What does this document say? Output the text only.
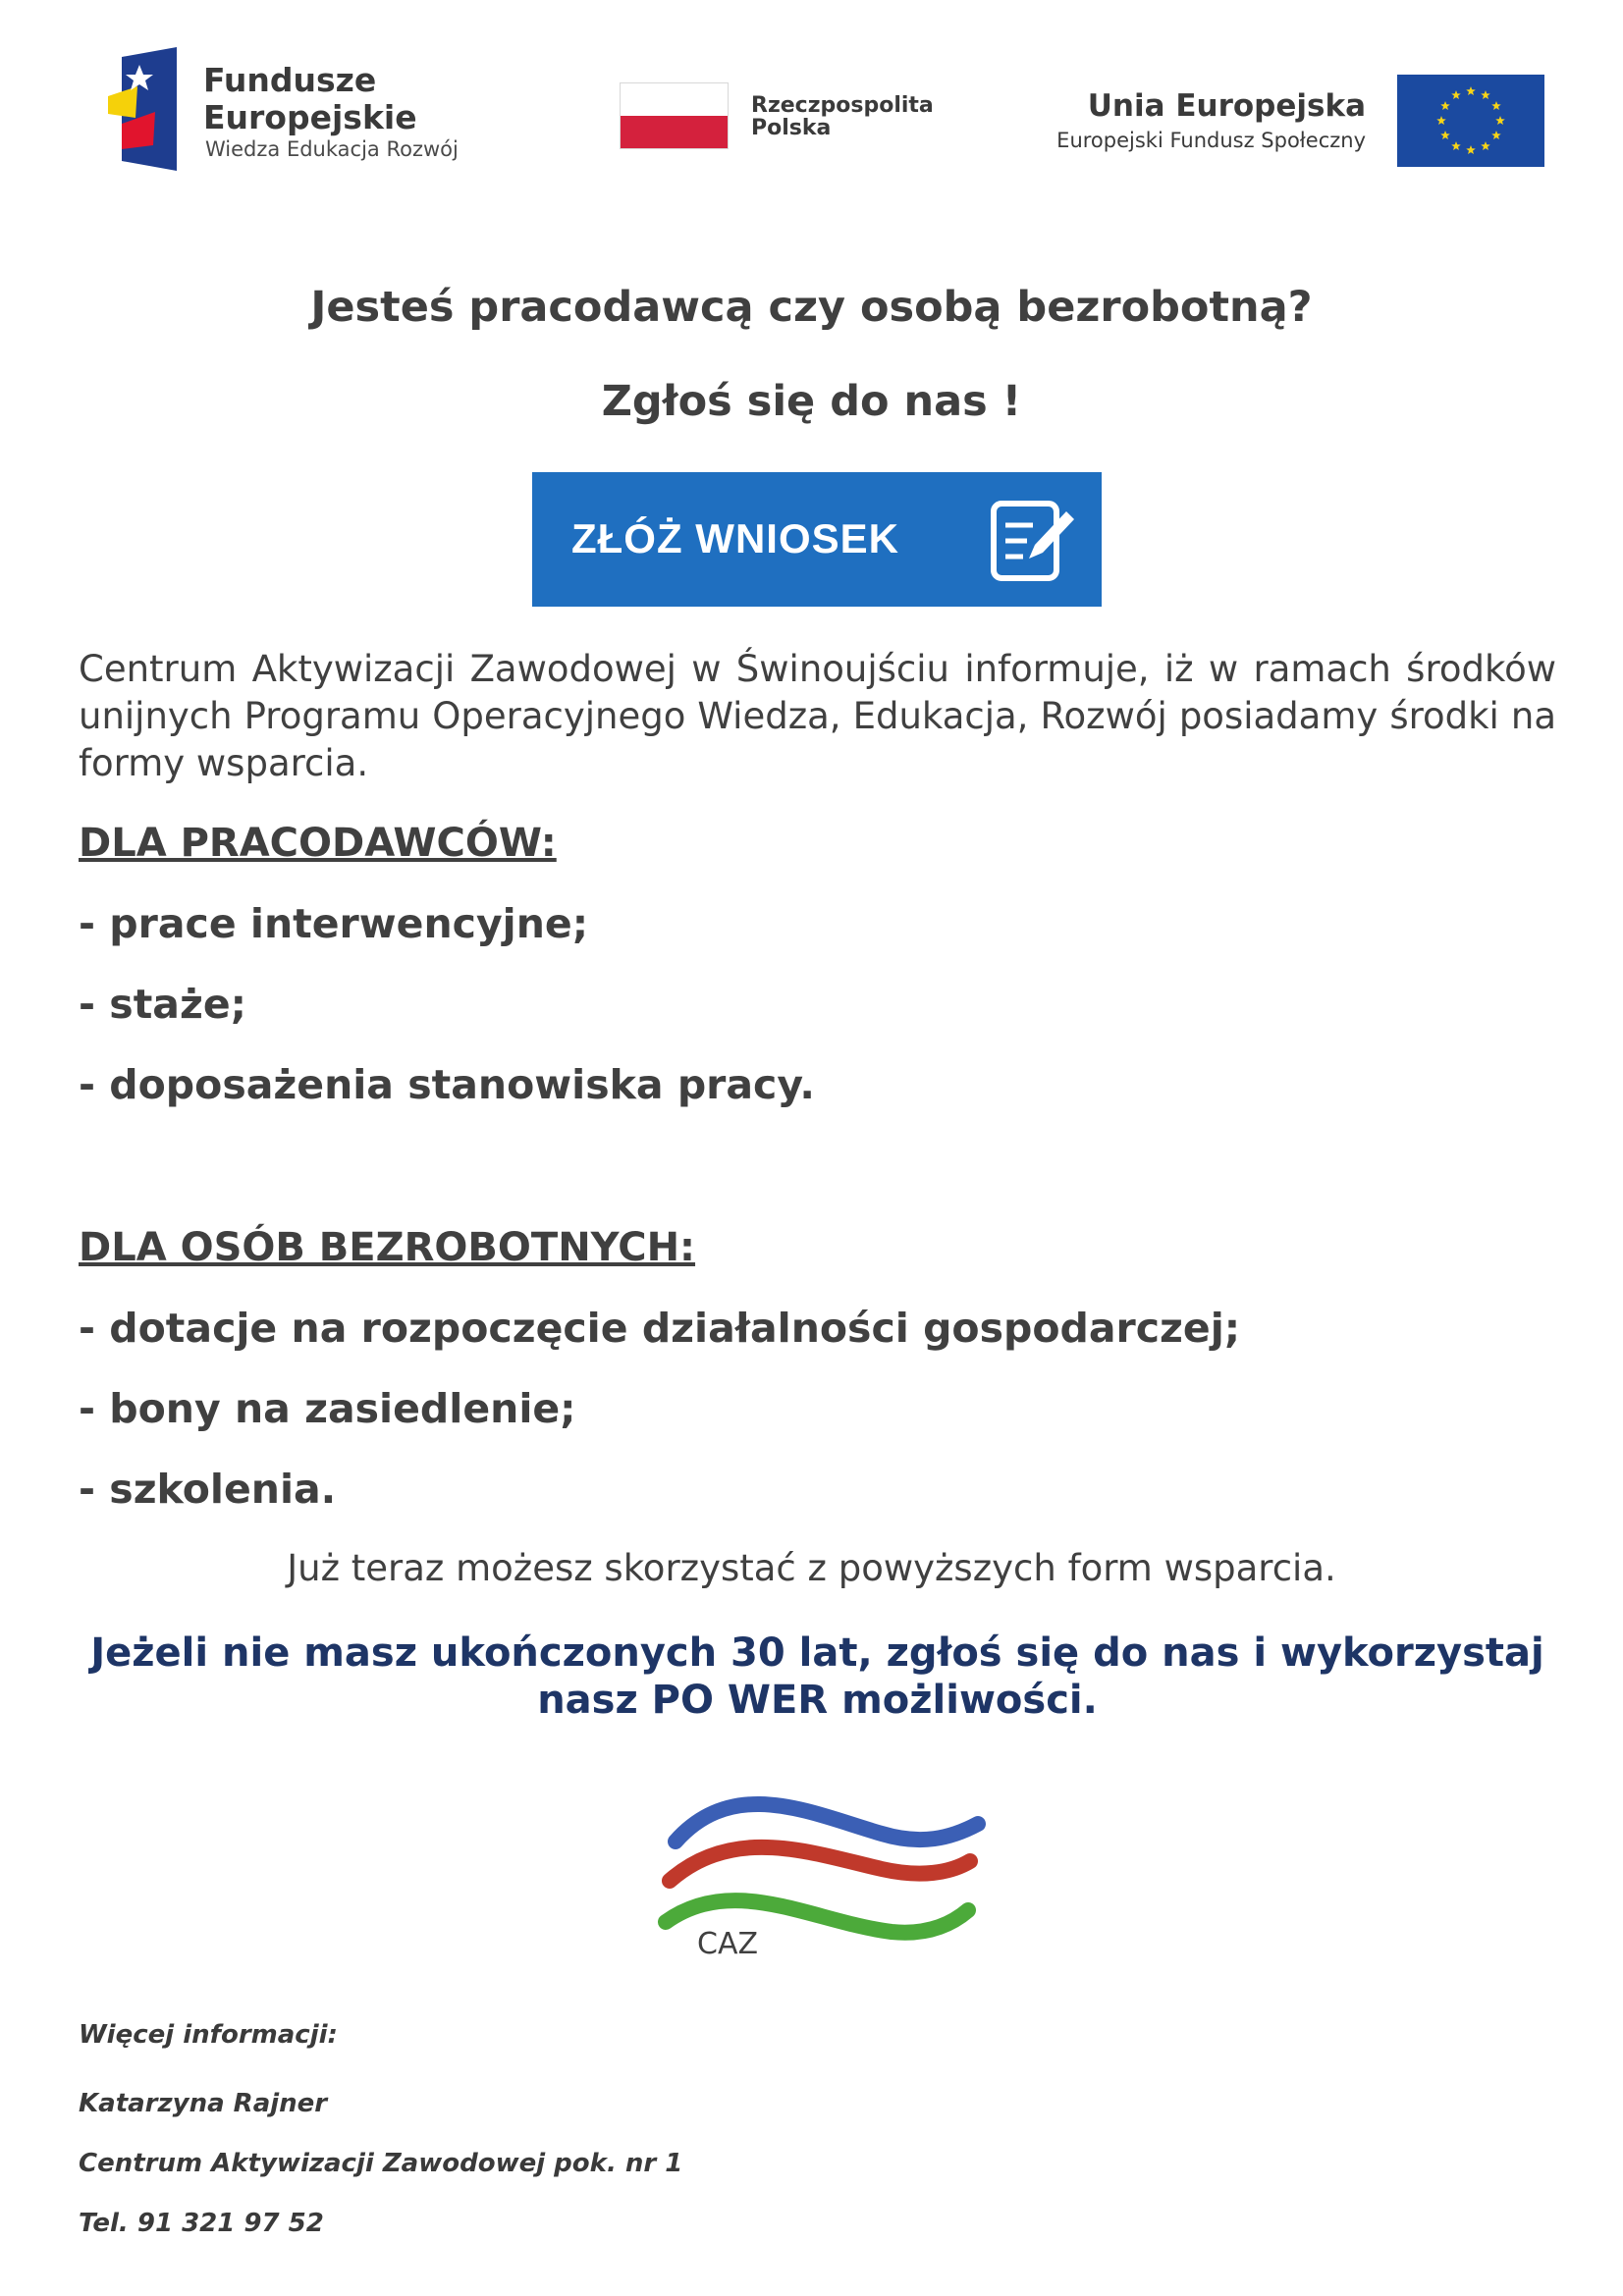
Fundusze
Europejskie
Wiedza Edukacja Rozwój
Rzeczpospolita
Polska
Unia Europejska
Europejski Fundusz Społeczny
Jesteś pracodawcą czy osobą bezrobotną?
Zgłoś się do nas !
ZŁÓŻ WNIOSEK
Centrum Aktywizacji Zawodowej w Świnoujściu informuje, iż w ramach środków unijnych Programu Operacyjnego Wiedza, Edukacja, Rozwój posiadamy środki na formy wsparcia.
DLA PRACODAWCÓW:
- prace interwencyjne;
- staże;
- doposażenia stanowiska pracy.
DLA OSÓB BEZROBOTNYCH:
- dotacje na rozpoczęcie działalności gospodarczej;
- bony na zasiedlenie;
- szkolenia.
Już teraz możesz skorzystać z powyższych form wsparcia.
Jeżeli nie masz ukończonych 30 lat, zgłoś się do nas i wykorzystaj
nasz PO WER możliwości.
CAZ
Więcej informacji:
Katarzyna Rajner
Centrum Aktywizacji Zawodowej pok. nr 1
Tel. 91 321 97 52
